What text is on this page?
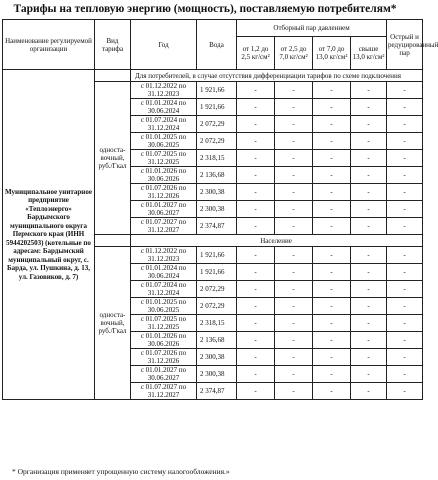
Тарифы на тепловую энергию (мощность), поставляемую потребителям*
Наименование регулируемой организации	Вид тарифа	Год	Вода	Отборный пар давлением				Острый и редуцированный пар
				от 1,2 до 2,5 кг/см²	от 2,5 до 7,0 кг/см²	от 7,0 до 13,0 кг/см²	свыше 13,0 кг/см²	
Муниципальное унитарное предприятие «Теплоэнерго» Бардымского муниципального округа Пермского края (ИНН 5944202503) (котельные по адресам: Бардымский муниципальный округ, с. Барда, ул. Пушкина, д. 13, ул. Газовиков, д. 7)		Для потребителей, в случае отсутствия дифференциации тарифов по схеме подключения						
	односта-вочный, руб./Гкал	с 01.12.2022 по 31.12.2023	1 921,66	-	-	-	-	-
		с 01.01.2024 по 30.06.2024	1 921,66	-	-	-	-	-
		с 01.07.2024 по 31.12.2024	2 072,29	-	-	-	-	-
		с 01.01.2025 по 30.06.2025	2 072,29	-	-	-	-	-
		с 01.07.2025 по 31.12.2025	2 318,15	-	-	-	-	-
		с 01.01.2026 по 30.06.2026	2 136,68	-	-	-	-	-
		с 01.07.2026 по 31.12.2026	2 300,38	-	-	-	-	-
		с 01.01.2027 по 30.06.2027	2 300,38	-	-	-	-	-
		с 01.07.2027 по 31.12.2027	2 374,87	-	-	-	-	-
		Население						
	односта-вочный, руб./Гкал	с 01.12.2022 по 31.12.2023	1 921,66	-	-	-	-	-
		с 01.01.2024 по 30.06.2024	1 921,66	-	-	-	-	-
		с 01.07.2024 по 31.12.2024	2 072,29	-	-	-	-	-
		с 01.01.2025 по 30.06.2025	2 072,29	-	-	-	-	-
		с 01.07.2025 по 31.12.2025	2 318,15	-	-	-	-	-
		с 01.01.2026 по 30.06.2026	2 136,68	-	-	-	-	-
		с 01.07.2026 по 31.12.2026	2 300,38	-	-	-	-	-
		с 01.01.2027 по 30.06.2027	2 300,38	-	-	-	-	-
		с 01.07.2027 по 31.12.2027	2 374,87	-	-	-	-	-
* Организация применяет упрощенную систему налогообложения.»
